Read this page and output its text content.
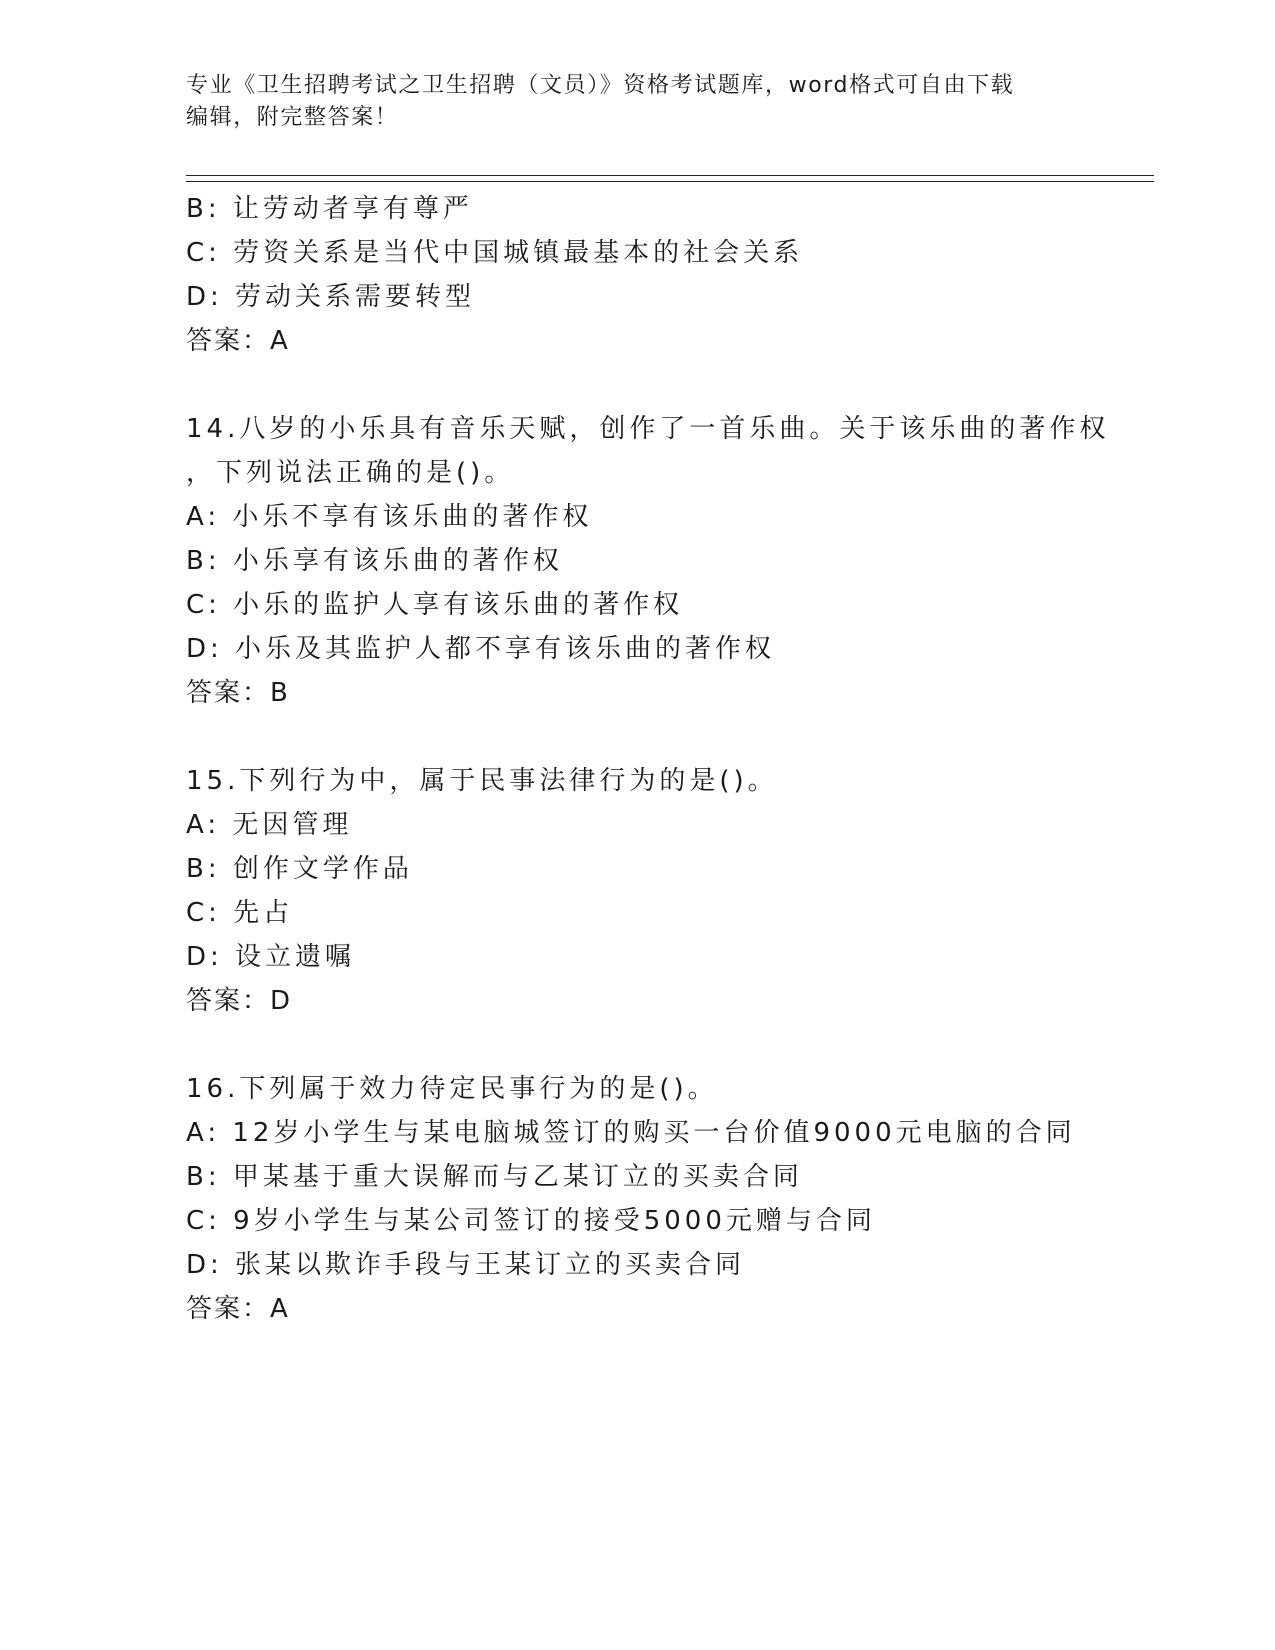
专业《卫生招聘考试之卫生招聘（文员）》资格考试题库，word格式可自由下载
编辑，附完整答案！
B: 让劳动者享有尊严
C: 劳资关系是当代中国城镇最基本的社会关系
D: 劳动关系需要转型
答案：A
14.八岁的小乐具有音乐天赋，创作了一首乐曲。关于该乐曲的著作权
，下列说法正确的是()。
A: 小乐不享有该乐曲的著作权
B: 小乐享有该乐曲的著作权
C: 小乐的监护人享有该乐曲的著作权
D: 小乐及其监护人都不享有该乐曲的著作权
答案：B
15.下列行为中，属于民事法律行为的是()。
A: 无因管理
B: 创作文学作品
C: 先占
D: 设立遗嘱
答案：D
16.下列属于效力待定民事行为的是()。
A: 12岁小学生与某电脑城签订的购买一台价值9000元电脑的合同
B: 甲某基于重大误解而与乙某订立的买卖合同
C: 9岁小学生与某公司签订的接受5000元赠与合同
D: 张某以欺诈手段与王某订立的买卖合同
答案：A
